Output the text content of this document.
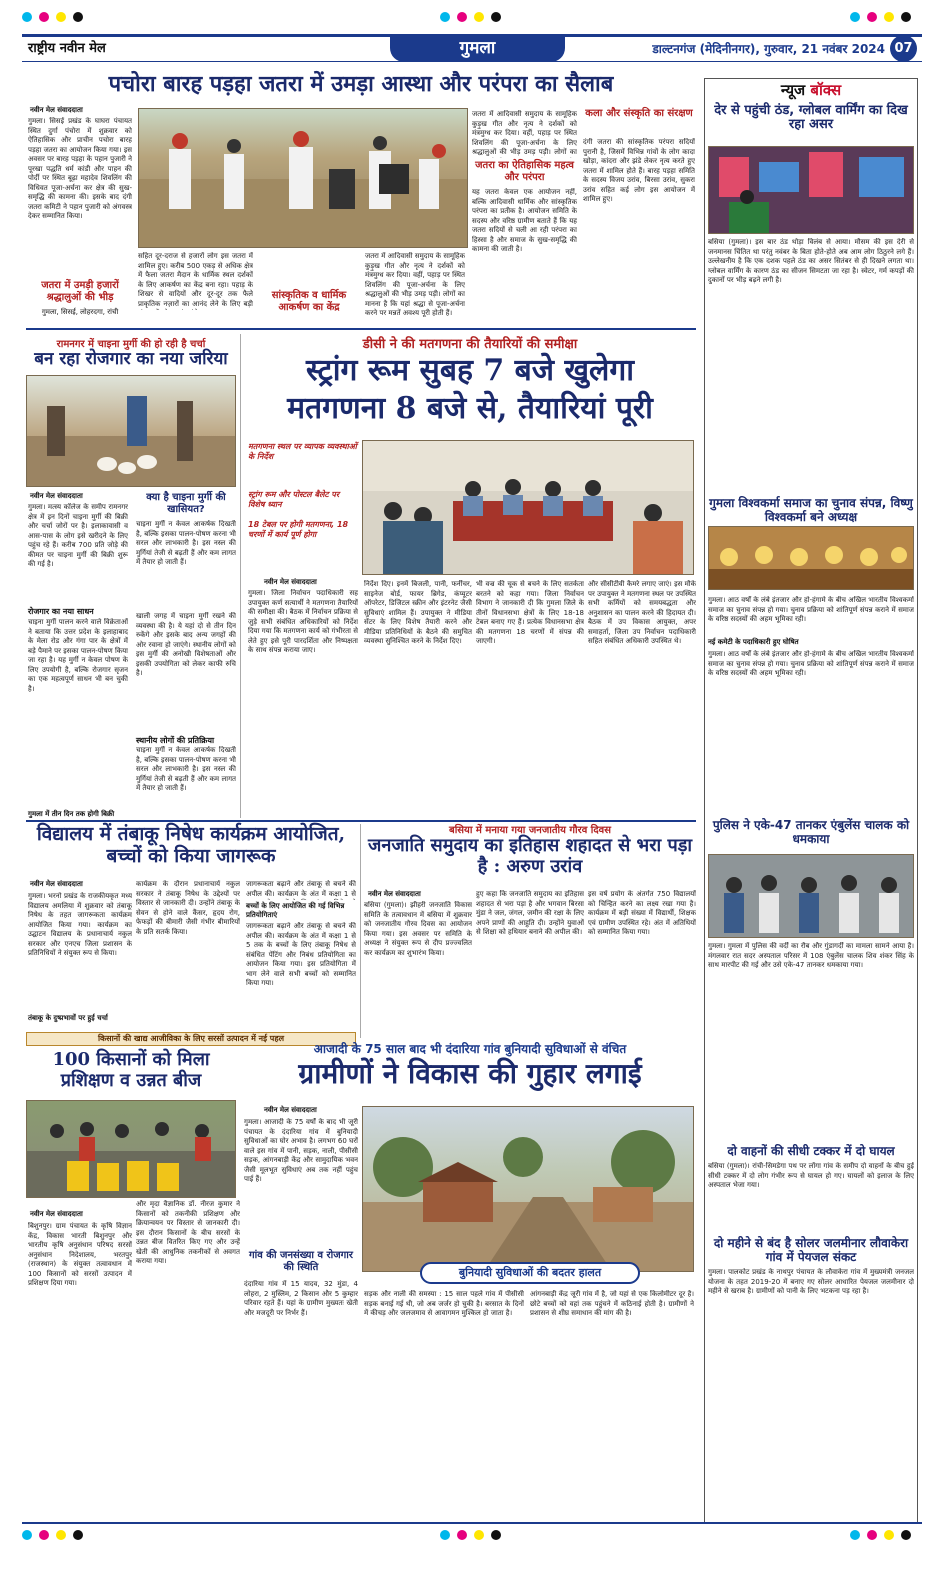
राष्ट्रीय नवीन मेल	गुमला	डाल्टनगंज (मेदिनीनगर), गुरुवार, 21 नवंबर 2024 07
पचोरा बारह पड़हा जतरा में उमड़ा आस्था और परंपरा का सैलाब
नवीन मेल संवाददाता
गुमला। सिसई प्रखंड के घाघरा पंचायत स्थित दुर्गा पंचोरा में शुक्रवार को ऐतिहासिक और प्राचीन पचोरा बारह पड़हा जतरा का आयोजन किया गया। इस अवसर पर बारह पड़हा के पहान पुजारी ने पूरखा पद्धति धर्म कांडी और पाहन की पोर्दी पर स्थित बूढ़ा महादेव शिवलिंग की विधिवत पूजा-अर्चना कर क्षेत्र की सुख-समृद्धि की कामना की। इसके बाद दंगी जतरा कमिटी ने पहान पुजारी को अंगवस्त्र देकर सम्मानित किया।
जतरा में उमड़ी हजारों श्रद्धालुओं की भीड़
गुमला, सिसई, लोहरदगा, रांची
सहित दूर-दराज से हजारों लोग इस जतरा में शामिल हुए। करीब 500 एकड़ से अधिक क्षेत्र में फैला जतरा मैदान के धार्मिक स्थल दर्शकों के लिए आकर्षण का केंद्र बना रहा। पहाड़ के शिखर से वादियों और दूर-दूर तक फैले प्राकृतिक नज़ारों का आनंद लेने के लिए बड़ी
सांस्कृतिक व धार्मिक आकर्षण का केंद्र
जतरा में आदिवासी समुदाय के सामूहिक कुड़ुख गीत और नृत्य ने दर्शकों को मंत्रमुग्ध कर दिया। वहीं, पहाड़ पर स्थित शिवलिंग की पूजा-अर्चना के लिए श्रद्धालुओं की भीड़ उमड़ पड़ी। लोगों का मानना है कि यहां श्रद्धा से पूजा-अर्चना करने पर मन्नतें अवश्य पूरी होती हैं।
जतरा का ऐतिहासिक महत्व और परंपरा
जतरा में आदिवासी समुदाय के सामूहिक कुड़ुख गीत और नृत्य ने दर्शकों को मंत्रमुग्ध कर दिया। वहीं, पहाड़ पर स्थित शिवलिंग की पूजा-अर्चना के लिए श्रद्धालुओं की भीड़ उमड़ पड़ी। लोगों का
यह जतरा केवल एक आयोजन नहीं, बल्कि आदिवासी धार्मिक और सांस्कृतिक परंपरा का प्रतीक है। आयोजन समिति के सदस्य और वरिष्ठ ग्रामीण बताते हैं कि यह जतरा सदियों से चली आ रही परंपरा का हिस्सा है और समाज के सुख-समृद्धि की कामना की जाती है।
कला और संस्कृति का संरक्षण
दंगी जतरा की सांस्कृतिक परंपरा सदियों पुरानी है, जिसमें विभिन्न गांवों के लोग कादा खोड़ा, कांदरा और झंडे लेकर नृत्य करते हुए जतरा में शामिल होते हैं। बारह पड़हा समिति के सदस्य विजय उरांव, बिरसा उरांव, सुकरा उरांव सहित कई लोग इस आयोजन में शामिल हुए।
रामनगर में चाइना मुर्गी की हो रही है चर्चा
बन रहा रोजगार का नया जरिया
नवीन मेल संवाददाता
गुमला। मत्स्य कॉलेज के समीप रामनगर क्षेत्र में इन दिनों चाइना मुर्गी की बिक्री और चर्चा जोरों पर है। इलाकावासी व आस-पास के लोग इसे खरीदने के लिए पहुंच रहे हैं। करीब 700 प्रति जोड़े की कीमत पर चाइना मुर्गी की बिक्री शुरू की गई है।
रोजगार का नया साधन
चाइना मुर्गी पालन करने वाले विक्रेताओं ने बताया कि उत्तर प्रदेश के इलाहाबाद के मेला रोड और गंगा पार के क्षेत्रों में बड़े पैमाने पर इसका पालन-पोषण किया जा रहा है। यह मुर्गी न केवल पोषण के लिए उपयोगी है, बल्कि रोजगार सृजन का एक महत्वपूर्ण साधन भी बन चुकी है।
गुमला में तीन दिन तक होगी बिक्री
क्या है चाइना मुर्गी की खासियत?
चाइना मुर्गी न केवल आकर्षक दिखती है, बल्कि इसका पालन-पोषण करना भी सरल और लाभकारी है। इस नस्ल की मुर्गियां तेजी से बढ़ती हैं और कम लागत में तैयार हो जाती हैं।
खाली जगह में चाइना मुर्गी रखने की व्यवस्था की है। ये यहां दो से तीन दिन रुकेंगे और इसके बाद अन्य जगहों की ओर रवाना हो जाएंगे। स्थानीय लोगों को इस मुर्गी की अनोखी विशेषताओं और इसकी उपयोगिता को लेकर काफी रुचि है।
स्थानीय लोगों की प्रतिक्रिया
चाइना मुर्गी न केवल आकर्षक दिखती है, बल्कि इसका पालन-पोषण करना भी सरल और लाभकारी है। इस नस्ल की मुर्गियां तेजी से बढ़ती हैं और कम लागत में तैयार हो जाती हैं।
डीसी ने की मतगणना की तैयारियों की समीक्षा
स्ट्रांग रूम सुबह 7 बजे खुलेगा
मतगणना 8 बजे से, तैयारियां पूरी
मतगणना स्थल पर व्यापक व्यवस्थाओं के निर्देश
स्ट्रांग रूम और पोस्टल बैलेट पर विशेष ध्यान
18 टेबल पर होगी मतगणना, 18 चरणों में कार्य पूर्ण होगा
नवीन मेल संवाददाता
गुमला। जिला निर्वाचन पदाधिकारी सह उपायुक्त कर्ण सत्यार्थी ने मतगणना तैयारियों की समीक्षा की। बैठक में निर्वाचन प्रक्रिया से जुड़े सभी संबंधित अधिकारियों को निर्देश दिया गया कि मतगणना कार्य को गंभीरता से लेते हुए इसे पूरी पारदर्शिता और निष्पक्षता के साथ संपन्न कराया जाए।
निर्देश दिए। इनमें बिजली, पानी, फर्नीचर, साइनेज बोर्ड, फायर ब्रिगेड, कंप्यूटर ऑपरेटर, डिजिटल स्क्रीन और इंटरनेट जैसी सुविधाएं शामिल हैं। उपायुक्त ने मीडिया सेंटर के लिए विशेष तैयारी करने और मीडिया प्रतिनिधियों के बैठने की समुचित व्यवस्था सुनिश्चित करने के निर्देश दिए।
भी वज्र की चूक से बचने के लिए सतर्कता बरतने को कहा गया। जिला निर्वाचन विभाग ने जानकारी दी कि गुमला जिले के तीनों विधानसभा क्षेत्रों के लिए 18-18 टेबल बनाए गए हैं। प्रत्येक विधानसभा क्षेत्र की मतगणना 18 चरणों में संपन्न की जाएगी।
और सीसीटीवी कैमरे लगाए जाएं। इस मौके पर उपायुक्त ने मतगणना स्थल पर उपस्थित सभी कर्मियों को समयबद्धता और अनुशासन का पालन करने की हिदायत दी। बैठक में उप विकास आयुक्त, अपर समाहर्ता, जिला उप निर्वाचन पदाधिकारी सहित संबंधित अधिकारी उपस्थित थे।
विद्यालय में तंबाकू निषेध कार्यक्रम आयोजित, बच्चों को किया जागरूक
नवीन मेल संवाददाता
गुमला। भरनो प्रखंड के राजकीयकृत मध्य विद्यालय अमलिया में शुक्रवार को तंबाकू निषेध के तहत जागरूकता कार्यक्रम आयोजित किया गया। कार्यक्रम का उद्घाटन विद्यालय के प्रधानाचार्य नकुल सरकार और एनएच जिला प्रशासन के प्रतिनिधियों ने संयुक्त रूप से किया।
तंबाकू के दुष्प्रभावों पर हुई चर्चा
कार्यक्रम के दौरान प्रधानाचार्य नकुल सरकार ने तंबाकू निषेध के उद्देश्यों पर विस्तार से जानकारी दी। उन्होंने तंबाकू के सेवन से होने वाले कैंसर, हृदय रोग, फेफड़ों की बीमारी जैसी गंभीर बीमारियों के प्रति सतर्क किया।
जागरूकता बढ़ाने और तंबाकू से बचने की अपील की। कार्यक्रम के अंत में कक्षा 1 से
बच्चों के लिए आयोजित की गई विभिन्न प्रतियोगिताएं
जागरूकता बढ़ाने और तंबाकू से बचने की अपील की। कार्यक्रम के अंत में कक्षा 1 से 5 तक के बच्चों के लिए तंबाकू निषेध से संबंधित पेंटिंग और निबंध प्रतियोगिता का आयोजन किया गया। इस प्रतियोगिता में भाग लेने वाले सभी बच्चों को सम्मानित किया गया।
बसिया में मनाया गया जनजातीय गौरव दिवस
जनजाति समुदाय का इतिहास शहादत से भरा पड़ा है : अरुण उरांव
नवीन मेल संवाददाता
बसिया (गुमला)। झीहरी जनजाति विकास समिति के तत्वावधान में बसिया में शुक्रवार को जनजातीय गौरव दिवस का आयोजन किया गया। इस अवसर पर समिति के अध्यक्ष ने संयुक्त रूप से दीप प्रज्ज्वलित कर कार्यक्रम का शुभारंभ किया।
हुए कहा कि जनजाति समुदाय का इतिहास शहादत से भरा पड़ा है और भगवान बिरसा मुंडा ने जल, जंगल, जमीन की रक्षा के लिए अपने प्राणों की आहुति दी। उन्होंने युवाओं से शिक्षा को हथियार बनाने की अपील की।
इस वर्ष प्रयोग के अंतर्गत 750 विद्यालयों को चिन्हित करने का लक्ष्य रखा गया है। कार्यक्रम में बड़ी संख्या में विद्यार्थी, शिक्षक एवं ग्रामीण उपस्थित रहे। अंत में अतिथियों को सम्मानित किया गया।
किसानों की खाद्य आजीविका के लिए सरसों उत्पादन में नई पहल
100 किसानों को मिला प्रशिक्षण व उन्नत बीज
नवीन मेल संवाददाता
बिशुनपुर। ग्राम पंचायत के कृषि विज्ञान केंद्र, विकास भारती बिशुनपुर और भारतीय कृषि अनुसंधान परिषद सरसों अनुसंधान निदेशालय, भरतपुर (राजस्थान) के संयुक्त तत्वावधान में 100 किसानों को सरसों उत्पादन में प्रशिक्षण दिया गया।
और मृदा वैज्ञानिक डॉ. नीरज कुमार ने किसानों को तकनीकी प्रशिक्षण और क्रियान्वयन पर विस्तार से जानकारी दी। इस दौरान किसानों के बीच सरसों के उन्नत बीज वितरित किए गए और उन्हें खेती की आधुनिक तकनीकों से अवगत कराया गया।
आजादी के 75 साल बाद भी दंदारिया गांव बुनियादी सुविधाओं से वंचित
ग्रामीणों ने विकास की गुहार लगाई
नवीन मेल संवाददाता
गुमला। आजादी के 75 वर्षों के बाद भी जूरी पंचायत के दंदारिया गांव में बुनियादी सुविधाओं का घोर अभाव है। लगभग 60 घरों वाले इस गांव में पानी, सड़क, नाली, पीसीसी सड़क, आंगनबाड़ी केंद्र और सामुदायिक भवन जैसी मूलभूत सुविधाएं अब तक नहीं पहुंच पाई हैं।
गांव की जनसंख्या व रोजगार की स्थिति
दंदारिया गांव में 15 यादव, 32 मुंडा, 4 लोहरा, 2 मुस्लिम, 2 किसान और 5 कुम्हार परिवार रहते हैं। यहां के ग्रामीण मुख्यतः खेती और मजदूरी पर निर्भर हैं।
बुनियादी सुविधाओं की बदतर हालत
सड़क और नाली की समस्या : 15 साल पहले गांव में पीसीसी सड़क बनाई गई थी, जो अब जर्जर हो चुकी है। बरसात के दिनों में कीचड़ और जलजमाव से आवागमन मुश्किल हो जाता है।
आंगनबाड़ी केंद्र जूरी गांव में है, जो यहां से एक किलोमीटर दूर है। छोटे बच्चों को वहां तक पहुंचने में कठिनाई होती है। ग्रामीणों ने प्रशासन से शीघ्र समाधान की मांग की है।
न्यूज बॉक्स
देर से पहुंची ठंड, ग्लोबल वार्मिंग का दिख रहा असर
बसिया (गुमला)। इस बार ठंड थोड़ा विलंब से आया। मौसम की इस देरी से जनमानस चिंतित था परंतु नवंबर के बिता होते-होते अब आम लोग ठिठुरने लगे हैं। उल्लेखनीय है कि एक दशक पहले ठंड का असर सितंबर से ही दिखने लगता था। ग्लोबल वार्मिंग के कारण ठंड का सीजन सिमटता जा रहा है। स्वेटर, गर्म कपड़ों की दुकानों पर भीड़ बढ़ने लगी है।
गुमला विश्वकर्मा समाज का चुनाव संपन्न, विष्णु विश्वकर्मा बने अध्यक्ष
गुमला। आठ वर्षों के लंबे इंतजार और हो-हंगामे के बीच अखिल भारतीय विश्वकर्मा समाज का चुनाव संपन्न हो गया। चुनाव प्रक्रिया को शांतिपूर्ण संपन्न कराने में समाज के वरिष्ठ सदस्यों की अहम भूमिका रही।
नई कमेटी के पदाधिकारी हुए घोषित
गुमला। आठ वर्षों के लंबे इंतजार और हो-हंगामे के बीच अखिल भारतीय विश्वकर्मा समाज का चुनाव संपन्न हो गया। चुनाव प्रक्रिया को शांतिपूर्ण संपन्न कराने में समाज के वरिष्ठ सदस्यों की अहम भूमिका रही।
पुलिस ने एके-47 तानकर एंबुलेंस चालक को धमकाया
गुमला। गुमला में पुलिस की वर्दी का रौब और गुंडागर्दी का मामला सामने आया है। मंगलवार रात सदर अस्पताल परिसर में 108 एंबुलेंस चालक शिव शंकर सिंह के साथ मारपीट की गई और उसे एके-47 तानकर धमकाया गया।
दो वाहनों की सीधी टक्कर में दो घायल
बसिया (गुमला)। रांची-सिमडेगा पथ पर लोंगा गांव के समीप दो वाहनों के बीच हुई सीधी टक्कर में दो लोग गंभीर रूप से घायल हो गए। घायलों को इलाज के लिए अस्पताल भेजा गया।
दो महीने से बंद है सोलर जलमीनार लौवाकेरा गांव में पेयजल संकट
गुमला। पालकोट प्रखंड के नाथपुर पंचायत के लौवाकेरा गांव में मुख्यमंत्री जनजल योजना के तहत 2019-20 में बनाए गए सोलर आधारित पेयजल जलमीनार दो महीने से खराब है। ग्रामीणों को पानी के लिए भटकना पड़ रहा है।
